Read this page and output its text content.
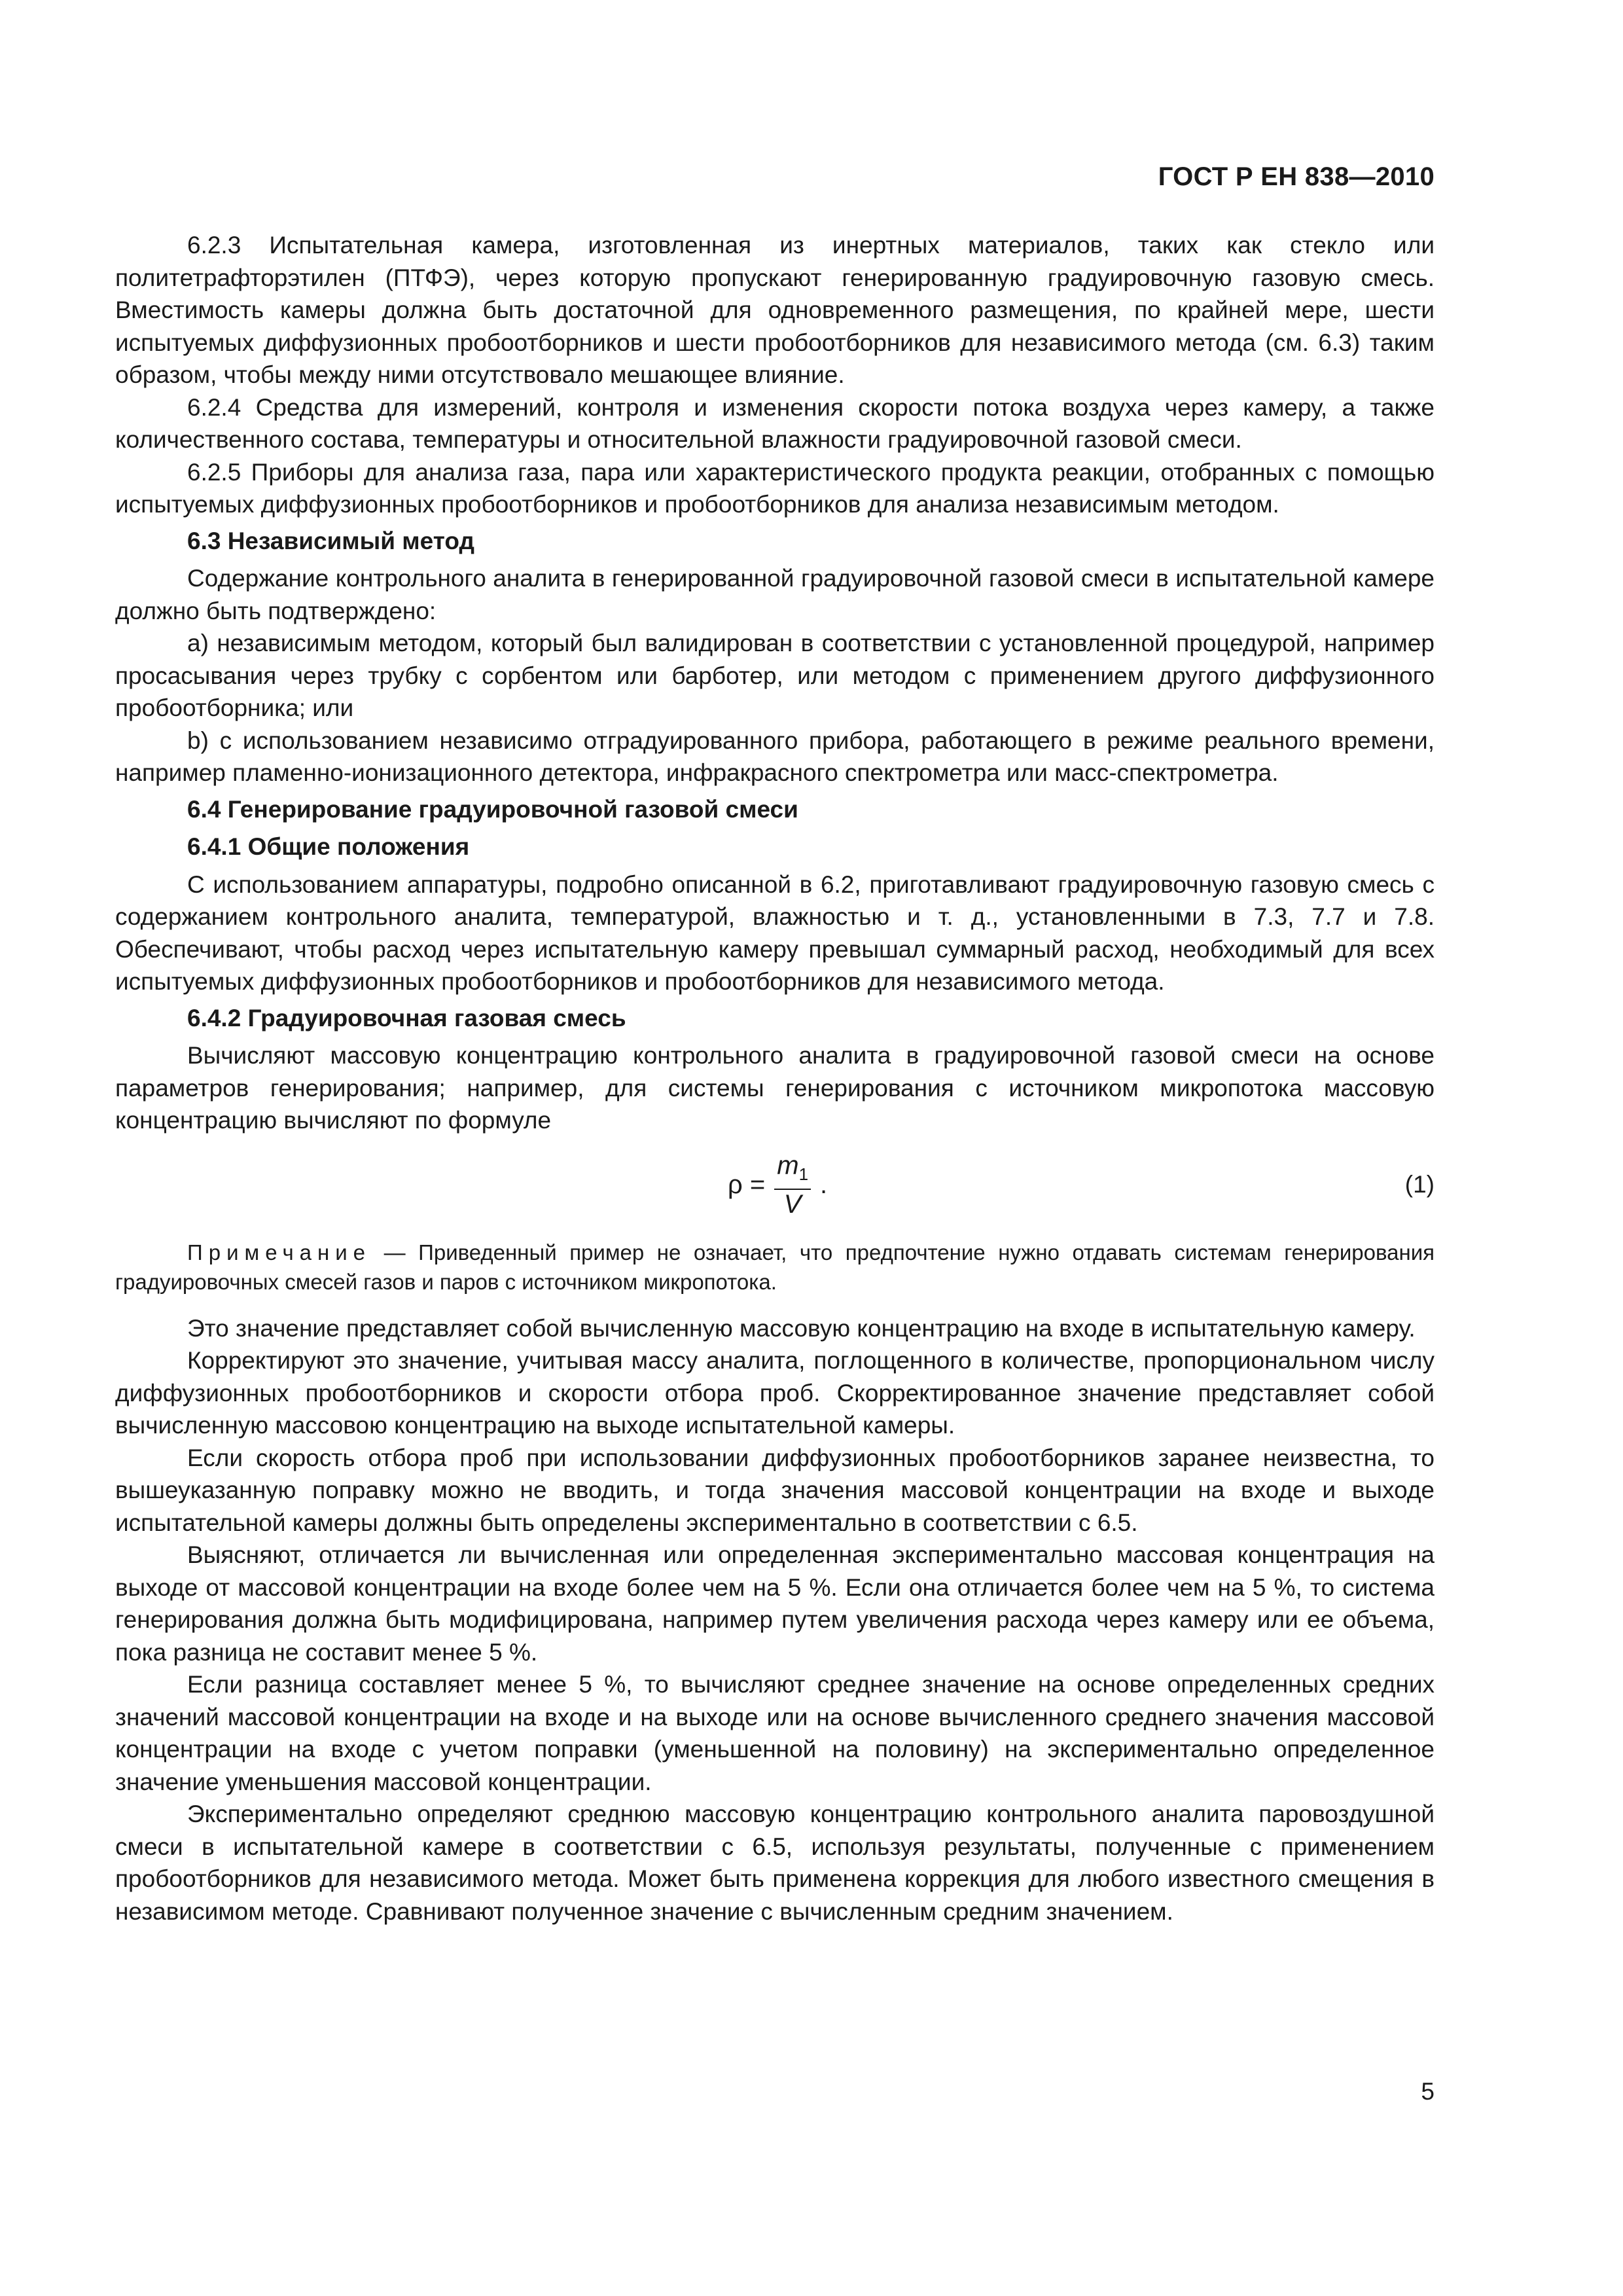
ГОСТ Р ЕН 838—2010

6.2.3 Испытательная камера, изготовленная из инертных материалов, таких как стекло или политетрафторэтилен (ПТФЭ), через которую пропускают генерированную градуировочную газовую смесь. Вместимость камеры должна быть достаточной для одновременного размещения, по крайней мере, шести испытуемых диффузионных пробоотборников и шести пробоотборников для независимого метода (см. 6.3) таким образом, чтобы между ними отсутствовало мешающее влияние.

6.2.4 Средства для измерений, контроля и изменения скорости потока воздуха через камеру, а также количественного состава, температуры и относительной влажности градуировочной газовой смеси.

6.2.5 Приборы для анализа газа, пара или характеристического продукта реакции, отобранных с помощью испытуемых диффузионных пробоотборников и пробоотборников для анализа независимым методом.

6.3 Независимый метод

Содержание контрольного аналита в генерированной градуировочной газовой смеси в испытательной камере должно быть подтверждено:

а) независимым методом, который был валидирован в соответствии с установленной процедурой, например просасывания через трубку с сорбентом или барботер, или методом с применением другого диффузионного пробоотборника; или

b) с использованием независимо отградуированного прибора, работающего в режиме реального времени, например пламенно-ионизационного детектора, инфракрасного спектрометра или масс-спектрометра.

6.4 Генерирование градуировочной газовой смеси

6.4.1 Общие положения

С использованием аппаратуры, подробно описанной в 6.2, приготавливают градуировочную газовую смесь с содержанием контрольного аналита, температурой, влажностью и т. д., установленными в 7.3, 7.7 и 7.8. Обеспечивают, чтобы расход через испытательную камеру превышал суммарный расход, необходимый для всех испытуемых диффузионных пробоотборников и пробоотборников для независимого метода.

6.4.2 Градуировочная газовая смесь

Вычисляют массовую концентрацию контрольного аналита в градуировочной газовой смеси на основе параметров генерирования; например, для системы генерирования с источником микропотока массовую концентрацию вычисляют по формуле

$\rho = \frac{m_1}{V}$ .	(1)

Примечание — Приведенный пример не означает, что предпочтение нужно отдавать системам генерирования градуировочных смесей газов и паров с источником микропотока.

Это значение представляет собой вычисленную массовую концентрацию на входе в испытательную камеру.

Корректируют это значение, учитывая массу аналита, поглощенного в количестве, пропорциональном числу диффузионных пробоотборников и скорости отбора проб. Скорректированное значение представляет собой вычисленную массовою концентрацию на выходе испытательной камеры.

Если скорость отбора проб при использовании диффузионных пробоотборников заранее неизвестна, то вышеуказанную поправку можно не вводить, и тогда значения массовой концентрации на входе и выходе испытательной камеры должны быть определены экспериментально в соответствии с 6.5.

Выясняют, отличается ли вычисленная или определенная экспериментально массовая концентрация на выходе от массовой концентрации на входе более чем на 5 %. Если она отличается более чем на 5 %, то система генерирования должна быть модифицирована, например путем увеличения расхода через камеру или ее объема, пока разница не составит менее 5 %.

Если разница составляет менее 5 %, то вычисляют среднее значение на основе определенных средних значений массовой концентрации на входе и на выходе или на основе вычисленного среднего значения массовой концентрации на входе с учетом поправки (уменьшенной на половину) на экспериментально определенное значение уменьшения массовой концентрации.

Экспериментально определяют среднюю массовую концентрацию контрольного аналита паровоздушной смеси в испытательной камере в соответствии с 6.5, используя результаты, полученные с применением пробоотборников для независимого метода. Может быть применена коррекция для любого известного смещения в независимом методе. Сравнивают полученное значение с вычисленным средним значением.

5
